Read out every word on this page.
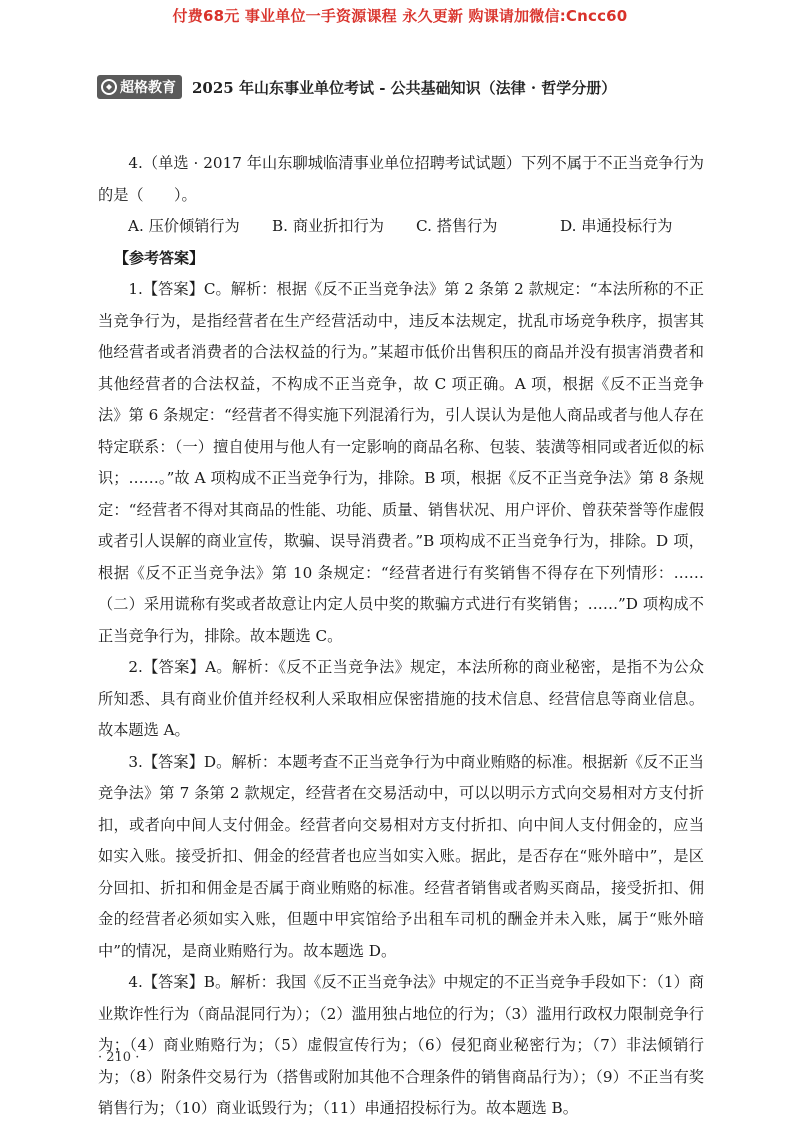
付费68元 事业单位一手资源课程 永久更新 购课请加微信:Cncc60
超格教育 2025 年山东事业单位考试 - 公共基础知识（法律 · 哲学分册）

4.（单选 · 2017 年山东聊城临清事业单位招聘考试试题）下列不属于不正当竞争行为的是（　　）。

A. 压价倾销行为	B. 商业折扣行为	C. 搭售行为	D. 串通投标行为

【参考答案】

1.【答案】C。解析：根据《反不正当竞争法》第 2 条第 2 款规定：“本法所称的不正当竞争行为，是指经营者在生产经营活动中，违反本法规定，扰乱市场竞争秩序，损害其他经营者或者消费者的合法权益的行为。”某超市低价出售积压的商品并没有损害消费者和其他经营者的合法权益，不构成不正当竞争，故 C 项正确。A 项，根据《反不正当竞争法》第 6 条规定：“经营者不得实施下列混淆行为，引人误认为是他人商品或者与他人存在特定联系：（一）擅自使用与他人有一定影响的商品名称、包装、装潢等相同或者近似的标识；……。”故 A 项构成不正当竞争行为，排除。B 项，根据《反不正当竞争法》第 8 条规定：“经营者不得对其商品的性能、功能、质量、销售状况、用户评价、曾获荣誉等作虚假或者引人误解的商业宣传，欺骗、误导消费者。”B 项构成不正当竞争行为，排除。D 项，根据《反不正当竞争法》第 10 条规定：“经营者进行有奖销售不得存在下列情形：……（二）采用谎称有奖或者故意让内定人员中奖的欺骗方式进行有奖销售；……”D 项构成不正当竞争行为，排除。故本题选 C。

2.【答案】A。解析：《反不正当竞争法》规定，本法所称的商业秘密，是指不为公众所知悉、具有商业价值并经权利人采取相应保密措施的技术信息、经营信息等商业信息。故本题选 A。

3.【答案】D。解析：本题考查不正当竞争行为中商业贿赂的标准。根据新《反不正当竞争法》第 7 条第 2 款规定，经营者在交易活动中，可以以明示方式向交易相对方支付折扣，或者向中间人支付佣金。经营者向交易相对方支付折扣、向中间人支付佣金的，应当如实入账。接受折扣、佣金的经营者也应当如实入账。据此，是否存在“账外暗中”，是区分回扣、折扣和佣金是否属于商业贿赂的标准。经营者销售或者购买商品，接受折扣、佣金的经营者必须如实入账，但题中甲宾馆给予出租车司机的酬金并未入账，属于“账外暗中”的情况，是商业贿赂行为。故本题选 D。

4.【答案】B。解析：我国《反不正当竞争法》中规定的不正当竞争手段如下：（1）商业欺诈性行为（商品混同行为）；（2）滥用独占地位的行为；（3）滥用行政权力限制竞争行为；（4）商业贿赂行为；（5）虚假宣传行为；（6）侵犯商业秘密行为；（7）非法倾销行为；（8）附条件交易行为（搭售或附加其他不合理条件的销售商品行为）；（9）不正当有奖销售行为；（10）商业诋毁行为；（11）串通招投标行为。故本题选 B。

· 210 ·
